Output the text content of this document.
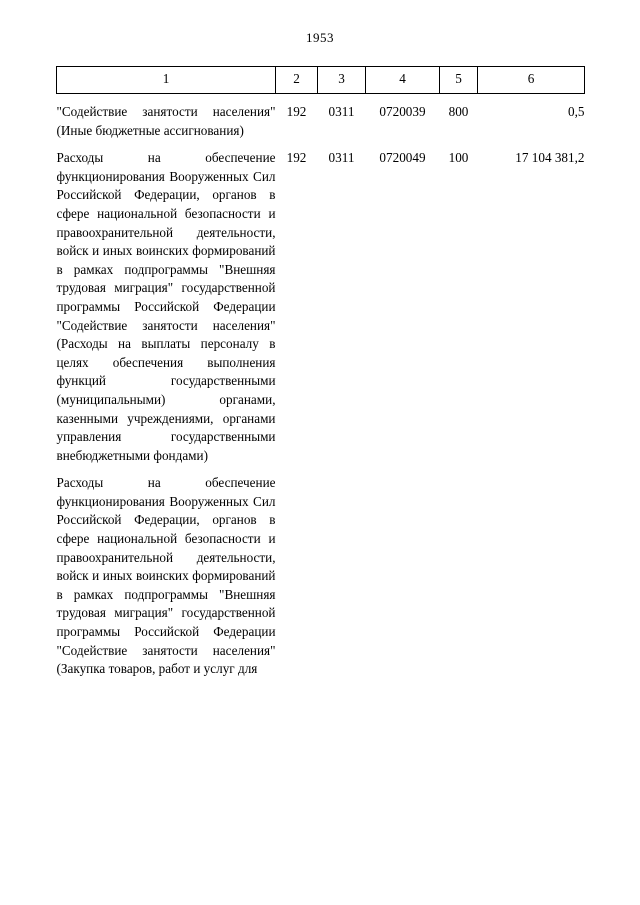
1953
1	2	3	4	5	6
"Содействие занятости населения" (Иные бюджетные ассигнования)	192	0311	0720039	800	0,5
Расходы на обеспечение функционирования Вооруженных Сил Российской Федерации, органов в сфере национальной безопасности и правоохранительной деятельности, войск и иных воинских формирований в рамках подпрограммы "Внешняя трудовая миграция" государственной программы Российской Федерации "Содействие занятости населения" (Расходы на выплаты персоналу в целях обеспечения выполнения функций государственными (муниципальными) органами, казенными учреждениями, органами управления государственными внебюджетными фондами)	192	0311	0720049	100	17 104 381,2
Расходы на обеспечение функционирования Вооруженных Сил Российской Федерации, органов в сфере национальной безопасности и правоохранительной деятельности, войск и иных воинских формирований в рамках подпрограммы "Внешняя трудовая миграция" государственной программы Российской Федерации "Содействие занятости населения" (Закупка товаров, работ и услуг для					
